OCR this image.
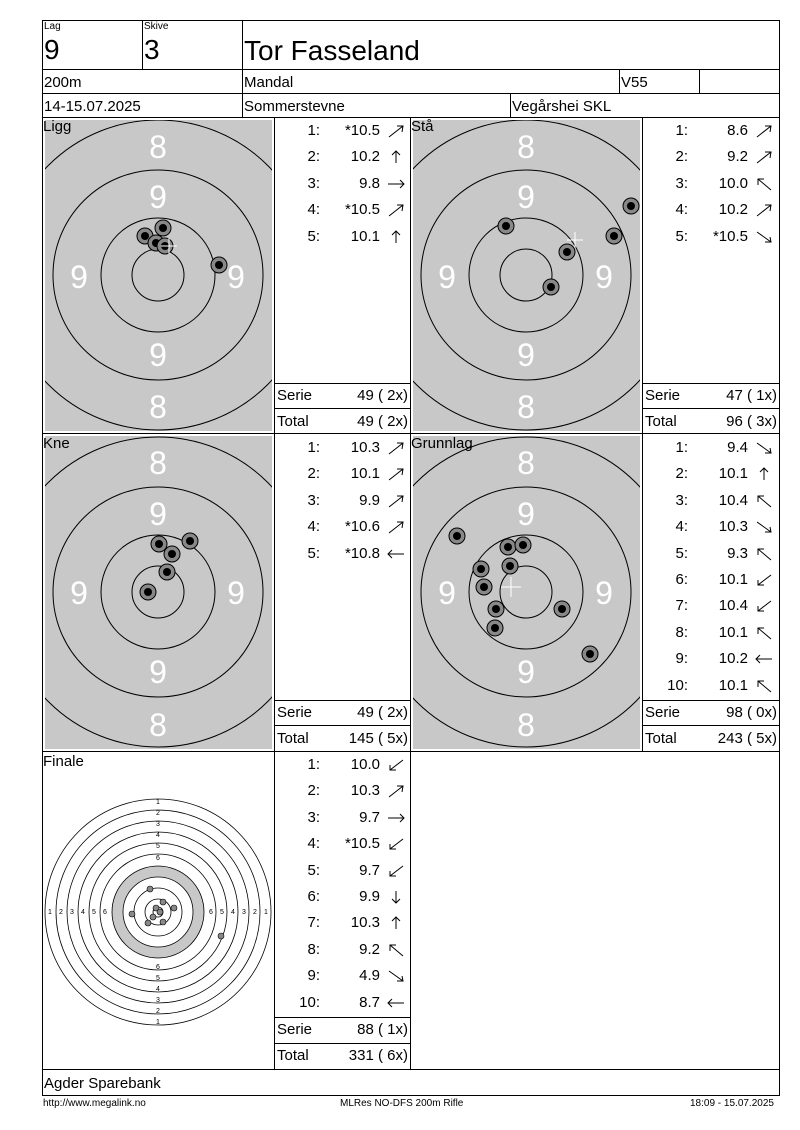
Lag
9
Skive
3	Tor Fasseland
200m	Mandal	V55
14-15.07.2025	Sommerstevne	Vegårshei SKL
8
9
9	9
9
8
Ligg
8
9
9	9
9
8
Stå
8
9
9	9
9
8
Kne
8
9
9	9
9
8
Grunnlag
1
2
3
4
5
6
1
2
3
4
5
6
1 2 3 4 5 6	1
2
3
4
5
6
Finale
1:	*10.5
2:	10.2
3:	9.8
4:	*10.5
5:	10.1
Serie	49 ( 2x)
Total	49 ( 2x)
1:	8.6
2:	9.2
3:	10.0
4:	10.2
5:	*10.5
Serie	47 ( 1x)
Total	96 ( 3x)
1:	10.3
2:	10.1
3:	9.9
4:	*10.6
5:	*10.8
Serie	49 ( 2x)
Total	145 ( 5x)
1:	9.4
2:	10.1
3:	10.4
4:	10.3
5:	9.3
6:	10.1
7:	10.4
8:	10.1
9:	10.2
10:	10.1
Serie	98 ( 0x)
Total	243 ( 5x)
1:	10.0
2:	10.3
3:	9.7
4:	*10.5
5:	9.7
6:	9.9
7:	10.3
8:	9.2
9:	4.9
10:	8.7
Serie	88 ( 1x)
Total	331 ( 6x)
Agder Sparebank
http://www.megalink.no	MLRes NO-DFS 200m Rifle	18:09 - 15.07.2025
